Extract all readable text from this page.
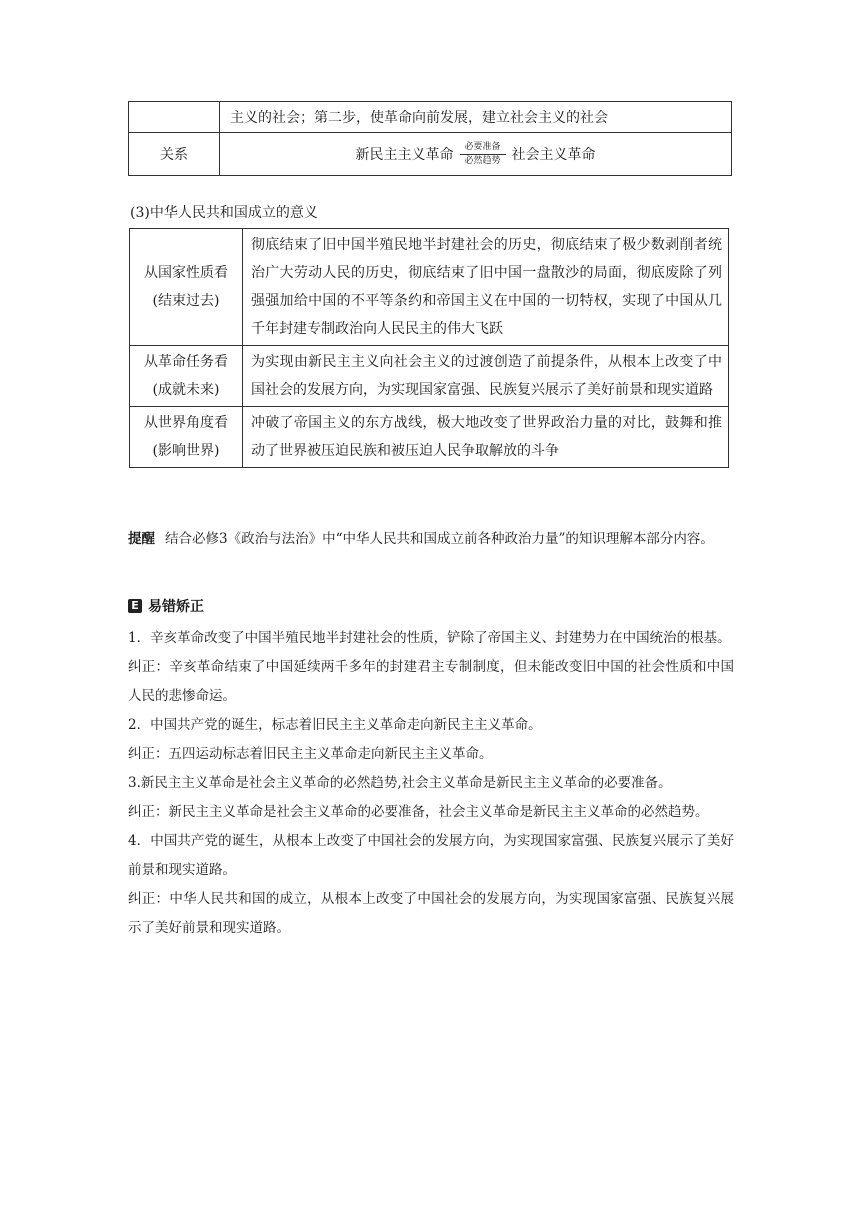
	主义的社会；第二步，使革命向前发展，建立社会主义的社会
关系	新民主主义革命
必要准备
必然趋势 社会主义革命
(3)中华人民共和国成立的意义
从国家性质看
(结束过去)	彻底结束了旧中国半殖民地半封建社会的历史，彻底结束了极少数剥削者统治广大劳动人民的历史，彻底结束了旧中国一盘散沙的局面，彻底废除了列强强加给中国的不平等条约和帝国主义在中国的一切特权，实现了中国从几千年封建专制政治向人民民主的伟大飞跃

从革命任务看
(成就未来)	为实现由新民主主义向社会主义的过渡创造了前提条件，从根本上改变了中国社会的发展方向，为实现国家富强、民族复兴展示了美好前景和现实道路

从世界角度看
(影响世界)	冲破了帝国主义的东方战线，极大地改变了世界政治力量的对比，鼓舞和推动了世界被压迫民族和被压迫人民争取解放的斗争
提醒 结合必修3《政治与法治》中“中华人民共和国成立前各种政治力量”的知识理解本部分内容。
E 易错矫正

1．辛亥革命改变了中国半殖民地半封建社会的性质，铲除了帝国主义、封建势力在中国统治的根基。

纠正：辛亥革命结束了中国延续两千多年的封建君主专制制度，但未能改变旧中国的社会性质和中国人民的悲惨命运。

2．中国共产党的诞生，标志着旧民主主义革命走向新民主主义革命。

纠正：五四运动标志着旧民主主义革命走向新民主主义革命。

3.新民主主义革命是社会主义革命的必然趋势,社会主义革命是新民主主义革命的必要准备。

纠正：新民主主义革命是社会主义革命的必要准备，社会主义革命是新民主主义革命的必然趋势。

4．中国共产党的诞生，从根本上改变了中国社会的发展方向，为实现国家富强、民族复兴展示了美好前景和现实道路。

纠正：中华人民共和国的成立，从根本上改变了中国社会的发展方向，为实现国家富强、民族复兴展示了美好前景和现实道路。
